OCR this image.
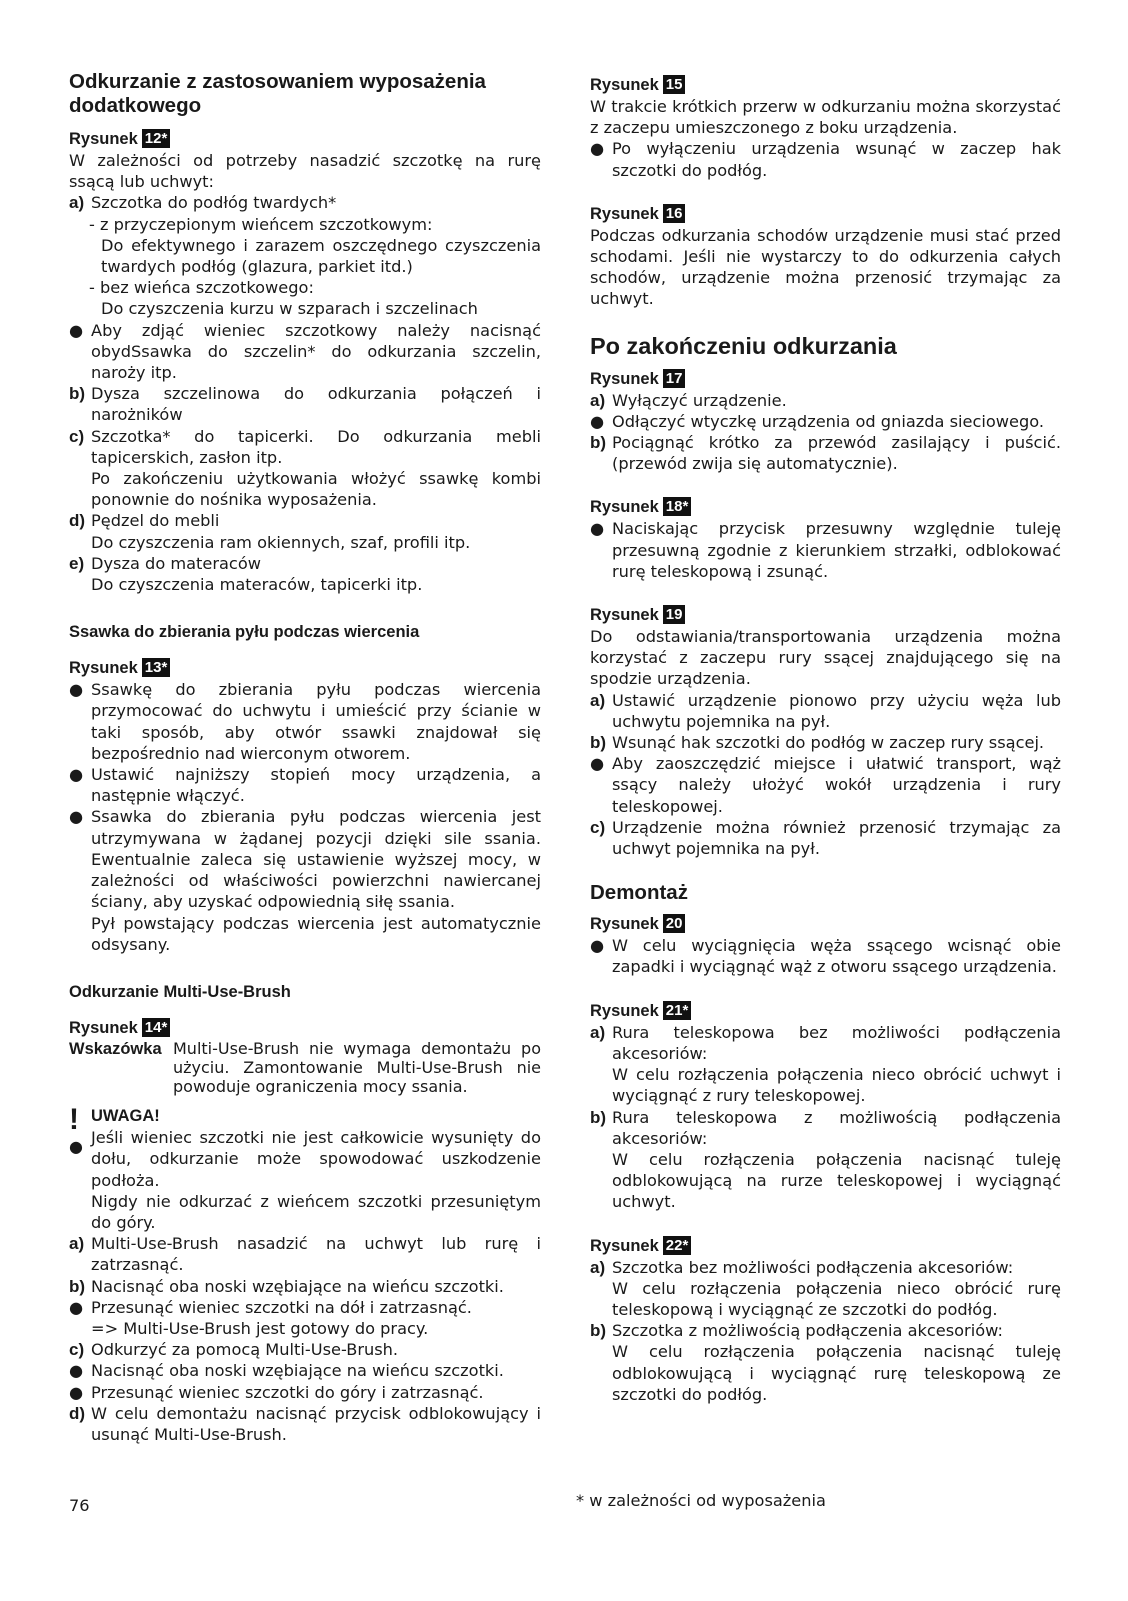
Odkurzanie z zastosowaniem wyposażenia dodatkowego
Rysunek 12*

W zależności od potrzeby nasadzić szczotkę na rurę ssącą lub uchwyt:

a) Szczotka do podłóg twardych*

- z przyczepionym wieńcem szczotkowym:

Do efektywnego i zarazem oszczędnego czyszczenia twardych podłóg (glazura, parkiet itd.)

- bez wieńca szczotkowego:

Do czyszczenia kurzu w szparach i szczelinach

● Aby zdjąć wieniec szczotkowy należy nacisnąć obydSsawka do szczelin* do odkurzania szczelin, naroży itp.
b) Dysza szczelinowa do odkurzania połączeń i narożników
c) Szczotka* do tapicerki. Do odkurzania mebli tapicerskich, zasłon itp.

Po zakończeniu użytkowania włożyć ssawkę kombi ponownie do nośnika wyposażenia.

d) Pędzel do mebli

Do czyszczenia ram okiennych, szaf, profili itp.

e) Dysza do materaców

Do czyszczenia materaców, tapicerki itp.

Ssawka do zbierania pyłu podczas wiercenia
Rysunek 13*
● Ssawkę do zbierania pyłu podczas wiercenia przymocować do uchwytu i umieścić przy ścianie w taki sposób, aby otwór ssawki znajdował się bezpośrednio nad wierconym otworem.
● Ustawić najniższy stopień mocy urządzenia, a następnie włączyć.
● Ssawka do zbierania pyłu podczas wiercenia jest utrzymywana w żądanej pozycji dzięki sile ssania. Ewentualnie zaleca się ustawienie wyższej mocy, w zależności od właściwości powierzchni nawiercanej ściany, aby uzyskać odpowiednią siłę ssania.

Pył powstający podczas wiercenia jest automatycznie odsysany.

Odkurzanie Multi-Use-Brush
Rysunek 14*
Wskazówka Multi-Use-Brush nie wymaga demontażu po użyciu. Zamontowanie Multi-Use-Brush nie powoduje ograniczenia mocy ssania.
!
●
UWAGA!

Jeśli wieniec szczotki nie jest całkowicie wysunięty do dołu, odkurzanie może spowodować uszkodzenie podłoża.

Nigdy nie odkurzać z wieńcem szczotki przesuniętym do góry.

a) Multi-Use-Brush nasadzić na uchwyt lub rurę i zatrzasnąć.
b) Nacisnąć oba noski wzębiające na wieńcu szczotki.
● Przesunąć wieniec szczotki na dół i zatrzasnąć.

=> Multi-Use-Brush jest gotowy do pracy.

c) Odkurzyć za pomocą Multi-Use-Brush.
● Nacisnąć oba noski wzębiające na wieńcu szczotki.
● Przesunąć wieniec szczotki do góry i zatrzasnąć.
d) W celu demontażu nacisnąć przycisk odblokowujący i usunąć Multi-Use-Brush.
Rysunek 15

W trakcie krótkich przerw w odkurzaniu można skorzystać z zaczepu umieszczonego z boku urządzenia.

● Po wyłączeniu urządzenia wsunąć w zaczep hak szczotki do podłóg.
Rysunek 16

Podczas odkurzania schodów urządzenie musi stać przed schodami. Jeśli nie wystarczy to do odkurzenia całych schodów, urządzenie można przenosić trzymając za uchwyt.

Po zakończeniu odkurzania
Rysunek 17
a) Wyłączyć urządzenie.
● Odłączyć wtyczkę urządzenia od gniazda sieciowego.
b) Pociągnąć krótko za przewód zasilający i puścić. (przewód zwija się automatycznie).
Rysunek 18*
● Naciskając przycisk przesuwny względnie tuleję przesuwną zgodnie z kierunkiem strzałki, odblokować rurę teleskopową i zsunąć.
Rysunek 19

Do odstawiania/transportowania urządzenia można korzystać z zaczepu rury ssącej znajdującego się na spodzie urządzenia.

a) Ustawić urządzenie pionowo przy użyciu węża lub uchwytu pojemnika na pył.
b) Wsunąć hak szczotki do podłóg w zaczep rury ssącej.
● Aby zaoszczędzić miejsce i ułatwić transport, wąż ssący należy ułożyć wokół urządzenia i rury teleskopowej.
c) Urządzenie można również przenosić trzymając za uchwyt pojemnika na pył.
Demontaż
Rysunek 20
● W celu wyciągnięcia węża ssącego wcisnąć obie zapadki i wyciągnąć wąż z otworu ssącego urządzenia.
Rysunek 21*
a) Rura teleskopowa bez możliwości podłączenia akcesoriów:

W celu rozłączenia połączenia nieco obrócić uchwyt i wyciągnąć z rury teleskopowej.

b) Rura teleskopowa z możliwością podłączenia akcesoriów:

W celu rozłączenia połączenia nacisnąć tuleję odblokowującą na rurze teleskopowej i wyciągnąć uchwyt.

Rysunek 22*
a) Szczotka bez możliwości podłączenia akcesoriów:

W celu rozłączenia połączenia nieco obrócić rurę teleskopową i wyciągnąć ze szczotki do podłóg.

b) Szczotka z możliwością podłączenia akcesoriów:

W celu rozłączenia połączenia nacisnąć tuleję odblokowującą i wyciągnąć rurę teleskopową ze szczotki do podłóg.

76	* w zależności od wyposażenia
